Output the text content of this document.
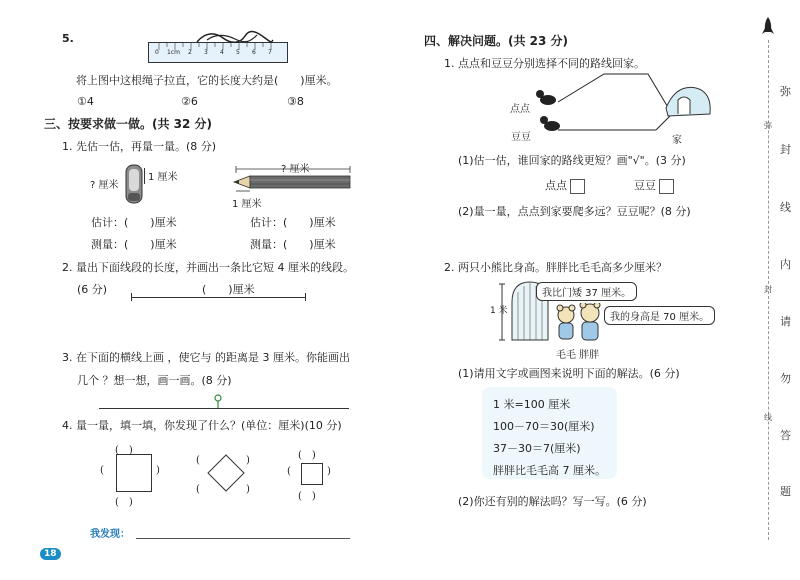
5.
0 1cm 2 3 4 5 6 7
将上图中这根绳子拉直，它的长度大约是(　　)厘米。
①4	②6	③8
三、按要求做一做。(共 32 分)
1. 先估一估，再量一量。(8 分)
? 厘米
1 厘米
? 厘米
1 厘米
估计：(　　)厘米	估计：(　　)厘米
测量：(　　)厘米	测量：(　　)厘米
2. 量出下面线段的长度，并画出一条比它短 4 厘米的线段。
(6 分)	(　　)厘米
3. 在下面的横线上画 ，使它与 的距离是 3 厘米。你能画出
几个 ？想一想，画一画。(8 分)
4. 量一量，填一填，你发现了什么？(单位：厘米)(10 分)
(　)
(	)
(　)
(	)
(	)
(　)
(	)
(　)
我发现：
18
四、解决问题。(共 23 分)
1. 点点和豆豆分别选择不同的路线回家。
点点
豆豆	家
(1)估一估，谁回家的路线更短？画"√"。(3 分)
点点	豆豆
(2)量一量，点点到家要爬多远？豆豆呢？(8 分)
2. 两只小熊比身高。胖胖比毛毛高多少厘米？
1 米
我比门矮 37 厘米。
我的身高是 70 厘米。
毛毛 胖胖
(1)请用文字或画图来说明下面的解法。(6 分)
1 米=100 厘米
100－70＝30(厘米)
37－30＝7(厘米)
胖胖比毛毛高 7 厘米。
(2)你还有别的解法吗？写一写。(6 分)
弥
封
线
内
请
勿
答
题
弥
封
线
